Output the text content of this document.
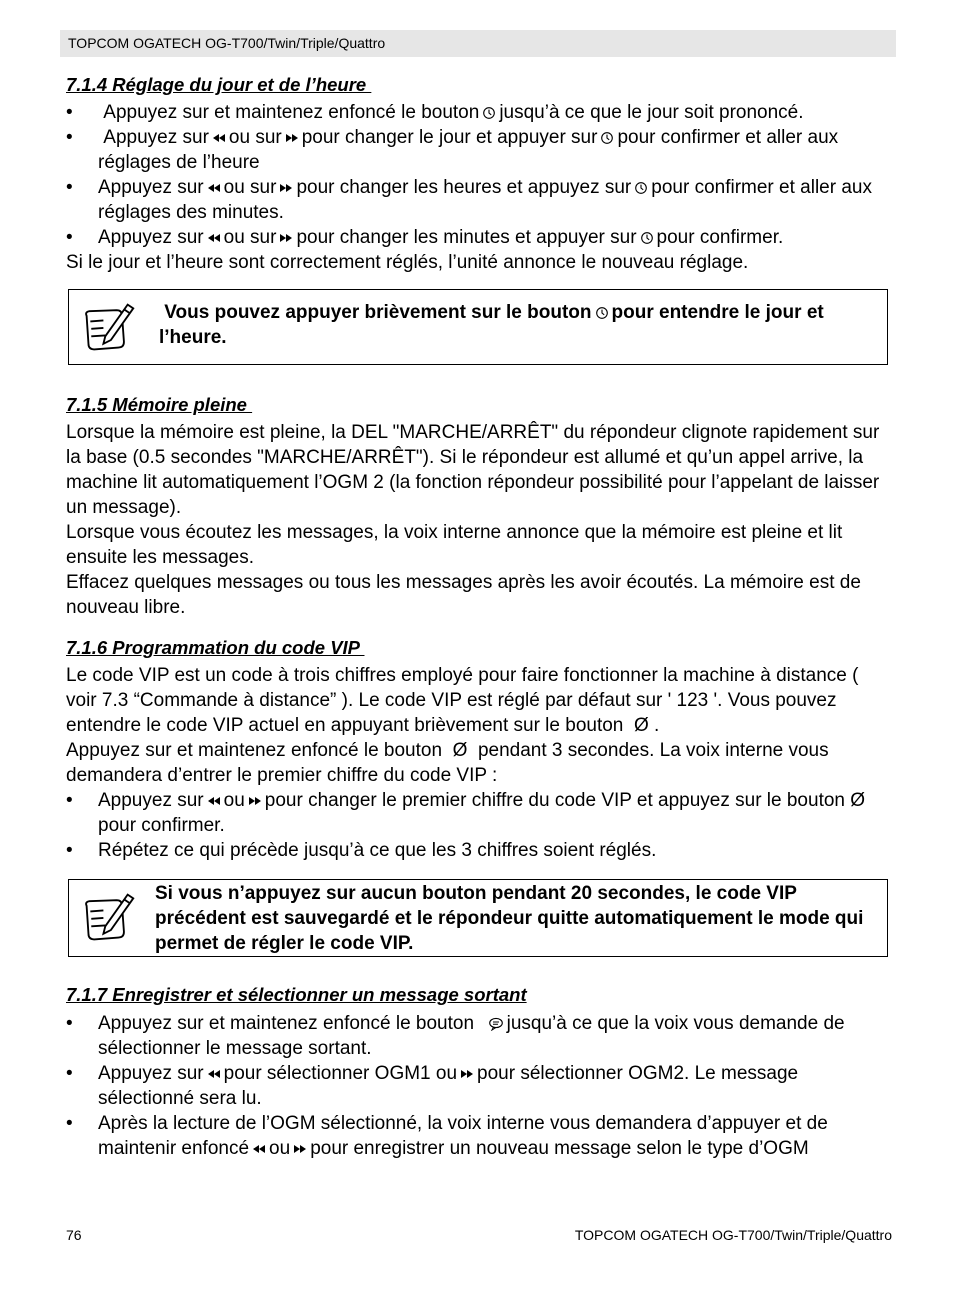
TOPCOM OGATECH OG-T700/Twin/Triple/Quattro
7.1.4 Réglage du jour et de l’heure
• Appuyez sur et maintenez enfoncé le bouton jusqu’à ce que le jour soit prononcé.
• Appuyez sur ou sur pour changer le jour et appuyer sur pour confirmer et aller aux réglages de l’heure
• Appuyez sur ou sur pour changer les heures et appuyez sur pour confirmer et aller aux réglages des minutes.
• Appuyez sur ou sur pour changer les minutes et appuyer sur pour confirmer.

Si le jour et l’heure sont correctement réglés, l’unité annonce le nouveau réglage.

Vous pouvez appuyer brièvement sur le bouton pour entendre le jour et l’heure.
7.1.5 Mémoire pleine

Lorsque la mémoire est pleine, la DEL "MARCHE/ARRÊT" du répondeur clignote rapidement sur la base (0.5 secondes "MARCHE/ARRÊT"). Si le répondeur est allumé et qu’un appel arrive, la machine lit automatiquement l’OGM 2 (la fonction répondeur possibilité pour l’appelant de laisser un message).

Lorsque vous écoutez les messages, la voix interne annonce que la mémoire est pleine et lit ensuite les messages.

Effacez quelques messages ou tous les messages après les avoir écoutés. La mémoire est de nouveau libre.

7.1.6 Programmation du code VIP

Le code VIP est un code à trois chiffres employé pour faire fonctionner la machine à distance ( voir 7.3 “Commande à distance” ). Le code VIP est réglé par défaut sur ' 123 '. Vous pouvez entendre le code VIP actuel en appuyant brièvement sur le bouton Ø .

Appuyez sur et maintenez enfoncé le bouton Ø pendant 3 secondes. La voix interne vous demandera d’entrer le premier chiffre du code VIP :

• Appuyez sur ou pour changer le premier chiffre du code VIP et appuyez sur le bouton Ø  pour confirmer.
• Répétez ce qui précède jusqu’à ce que les 3 chiffres soient réglés.
Si vous n’appuyez sur aucun bouton pendant 20 secondes, le code VIP précédent est sauvegardé et le répondeur quitte automatiquement le mode qui permet de régler le code VIP.
7.1.7 Enregistrer et sélectionner un message sortant
• Appuyez sur et maintenez enfoncé le bouton jusqu’à ce que la voix vous demande de sélectionner le message sortant.
• Appuyez sur pour sélectionner OGM1 ou pour sélectionner OGM2. Le message sélectionné sera lu.
• Après la lecture de l’OGM sélectionné, la voix interne vous demandera d’appuyer et de maintenir enfoncé ou pour enregistrer un nouveau message selon le type d’OGM
76	TOPCOM OGATECH OG-T700/Twin/Triple/Quattro
